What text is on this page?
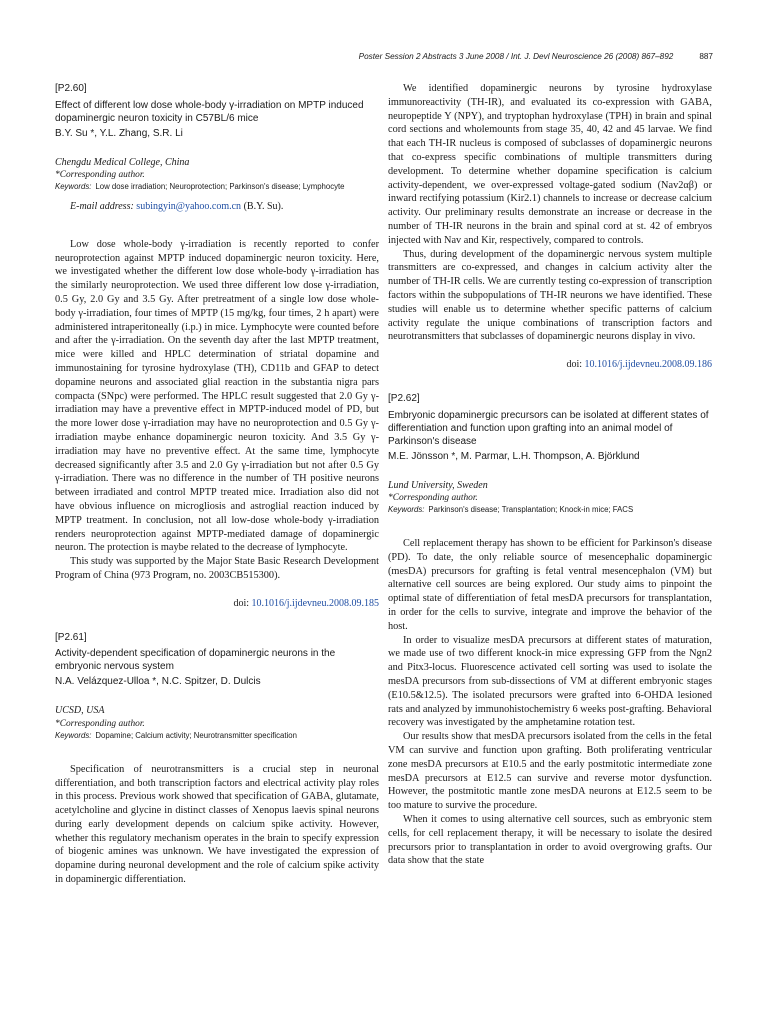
Poster Session 2 Abstracts 3 June 2008 / Int. J. Devl Neuroscience 26 (2008) 867–892	887

[P2.60]

Effect of different low dose whole-body γ-irradiation on MPTP induced dopaminergic neuron toxicity in C57BL/6 mice

B.Y. Su *, Y.L. Zhang, S.R. Li

Chengdu Medical College, China

*Corresponding author.

Keywords: Low dose irradiation; Neuroprotection; Parkinson's disease; Lymphocyte

E-mail address: subingyin@yahoo.com.cn (B.Y. Su).

Low dose whole-body γ-irradiation is recently reported to confer neuroprotection against MPTP induced dopaminergic neuron toxicity. Here, we investigated whether the different low dose whole-body γ-irradiation has the similarly neuroprotection. We used three different low dose γ-irradiation, 0.5 Gy, 2.0 Gy and 3.5 Gy. After pretreatment of a single low dose whole-body γ-irradiation, four times of MPTP (15 mg/kg, four times, 2 h apart) were administered intraperitoneally (i.p.) in mice. Lymphocyte were counted before and after the γ-irradiation. On the seventh day after the last MPTP treatment, mice were killed and HPLC determination of striatal dopamine and immunostaining for tyrosine hydroxylase (TH), CD11b and GFAP to detect dopamine neurons and associated glial reaction in the substantia nigra pars compacta (SNpc) were performed. The HPLC result suggested that 2.0 Gy γ-irradiation may have a preventive effect in MPTP-induced model of PD, but the more lower dose γ-irradiation may have no neuroprotection and 0.5 Gy γ-irradiation maybe enhance dopaminergic neuron toxicity. And 3.5 Gy γ-irradiation may have no preventive effect. At the same time, lymphocyte decreased significantly after 3.5 and 2.0 Gy γ-irradiation but not after 0.5 Gy γ-irradiation. There was no difference in the number of TH positive neurons between irradiated and control MPTP treated mice. Irradiation also did not have obvious influence on microgliosis and astroglial reaction induced by MPTP treatment. In conclusion, not all low-dose whole-body γ-irradiation renders neuroprotection against MPTP-mediated damage of dopaminergic neuron. The protection is maybe related to the decrease of lymphocyte.

This study was supported by the Major State Basic Research Development Program of China (973 Program, no. 2003CB515300).

doi: 10.1016/j.ijdevneu.2008.09.185

[P2.61]

Activity-dependent specification of dopaminergic neurons in the embryonic nervous system

N.A. Velázquez-Ulloa *, N.C. Spitzer, D. Dulcis

UCSD, USA

*Corresponding author.

Keywords: Dopamine; Calcium activity; Neurotransmitter specification

Specification of neurotransmitters is a crucial step in neuronal differentiation, and both transcription factors and electrical activity play roles in this process. Previous work showed that specification of GABA, glutamate, acetylcholine and glycine in distinct classes of Xenopus laevis spinal neurons during early development depends on calcium spike activity. However, whether this regulatory mechanism operates in the brain to specify expression of biogenic amines was unknown. We have investigated the expression of dopamine during neuronal development and the role of calcium spike activity in dopaminergic differentiation.

We identified dopaminergic neurons by tyrosine hydroxylase immunoreactivity (TH-IR), and evaluated its co-expression with GABA, neuropeptide Y (NPY), and tryptophan hydroxylase (TPH) in brain and spinal cord sections and wholemounts from stage 35, 40, 42 and 45 larvae. We find that each TH-IR nucleus is composed of subclasses of dopaminergic neurons that co-express specific combinations of multiple transmitters during development. To determine whether dopamine specification is calcium activity-dependent, we over-expressed voltage-gated sodium (Nav2αβ) or inward rectifying potassium (Kir2.1) channels to increase or decrease calcium activity. Our preliminary results demonstrate an increase or decrease in the number of TH-IR neurons in the brain and spinal cord at st. 42 of embryos injected with Nav and Kir, respectively, compared to controls.

Thus, during development of the dopaminergic nervous system multiple transmitters are co-expressed, and changes in calcium activity alter the number of TH-IR cells. We are currently testing co-expression of transcription factors within the subpopulations of TH-IR neurons we have identified. These studies will enable us to determine whether specific patterns of calcium activity regulate the unique combinations of transcription factors and neurotransmitters that subclasses of dopaminergic neurons display in vivo.

doi: 10.1016/j.ijdevneu.2008.09.186

[P2.62]

Embryonic dopaminergic precursors can be isolated at different states of differentiation and function upon grafting into an animal model of Parkinson's disease

M.E. Jönsson *, M. Parmar, L.H. Thompson, A. Björklund

Lund University, Sweden

*Corresponding author.

Keywords: Parkinson's disease; Transplantation; Knock-in mice; FACS

Cell replacement therapy has shown to be efficient for Parkinson's disease (PD). To date, the only reliable source of mesencephalic dopaminergic (mesDA) precursors for grafting is fetal ventral mesencephalon (VM) but alternative cell sources are being explored. Our study aims to pinpoint the optimal state of differentiation of fetal mesDA precursors for transplantation, in order for the cells to survive, integrate and improve the behavior of the host.

In order to visualize mesDA precursors at different states of maturation, we made use of two different knock-in mice expressing GFP from the Ngn2 and Pitx3-locus. Fluorescence activated cell sorting was used to isolate the mesDA precursors from sub-dissections of VM at different embryonic stages (E10.5&12.5). The isolated precursors were grafted into 6-OHDA lesioned rats and analyzed by immunohistochemistry 6 weeks post-grafting. Behavioral recovery was investigated by the amphetamine rotation test.

Our results show that mesDA precursors isolated from the cells in the fetal VM can survive and function upon grafting. Both proliferating ventricular zone mesDA precursors at E10.5 and the early postmitotic intermediate zone mesDA precursors at E12.5 can survive and reverse motor dysfunction. However, the postmitotic mantle zone mesDA neurons at E12.5 seem to be too mature to survive the procedure.

When it comes to using alternative cell sources, such as embryonic stem cells, for cell replacement therapy, it will be necessary to isolate the desired precursors prior to transplantation in order to avoid overgrowing grafts. Our data show that the state
